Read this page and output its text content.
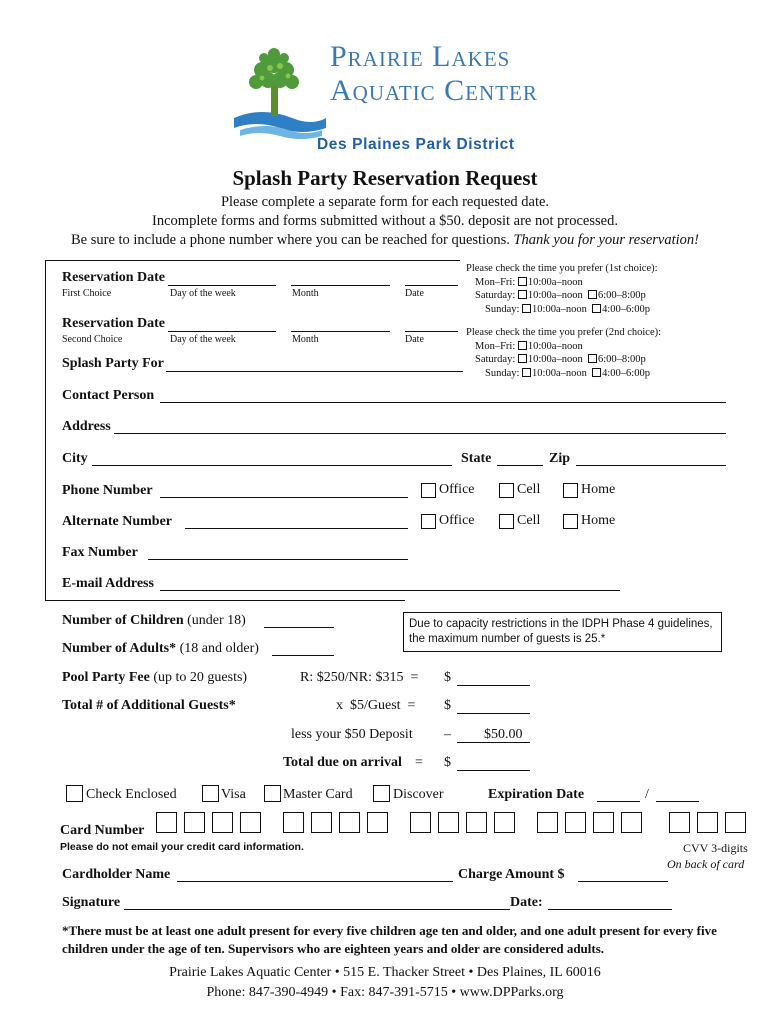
Prairie Lakes
Aquatic Center
Des Plaines Park District
Splash Party Reservation Request
Please complete a separate form for each requested date.
Incomplete forms and forms submitted without a $50. deposit are not processed.
Be sure to include a phone number where you can be reached for questions. Thank you for your reservation!
Reservation Date
First Choice	Day of the week	Month	Date
Reservation Date
Second Choice	Day of the week	Month	Date
Splash Party For
Please check the time you prefer (1st choice):
Mon–Fri: 10:00a–noon
Saturday: 10:00a–noon 6:00–8:00p
Sunday: 10:00a–noon 4:00–6:00p
Please check the time you prefer (2nd choice):
Mon–Fri: 10:00a–noon
Saturday: 10:00a–noon 6:00–8:00p
Sunday: 10:00a–noon 4:00–6:00p
Contact Person
Address
City	State	Zip
Phone Number	Office	Cell	Home
Alternate Number	Office	Cell	Home
Fax Number
E-mail Address
Number of Children (under 18)
Number of Adults* (18 and older)
Due to capacity restrictions in the IDPH Phase 4 guidelines, the maximum number of guests is 25.*
Pool Party Fee (up to 20 guests)	R: $250/NR: $315  = $
Total # of Additional Guests*	x  $5/Guest  = $
less your $50 Deposit – $50.00
Total due on arrival = $
Check Enclosed	Visa	Master Card	Discover	Expiration Date	/
Card Number
Please do not email your credit card information.	CVV 3-digits
On back of card
Cardholder Name	Charge Amount $
Signature	Date:
*There must be at least one adult present for every five children age ten and older, and one adult present for every five children under the age of ten. Supervisors who are eighteen years and older are considered adults.
Prairie Lakes Aquatic Center • 515 E. Thacker Street • Des Plaines, IL 60016
Phone: 847-390-4949 • Fax: 847-391-5715 • www.DPParks.org
